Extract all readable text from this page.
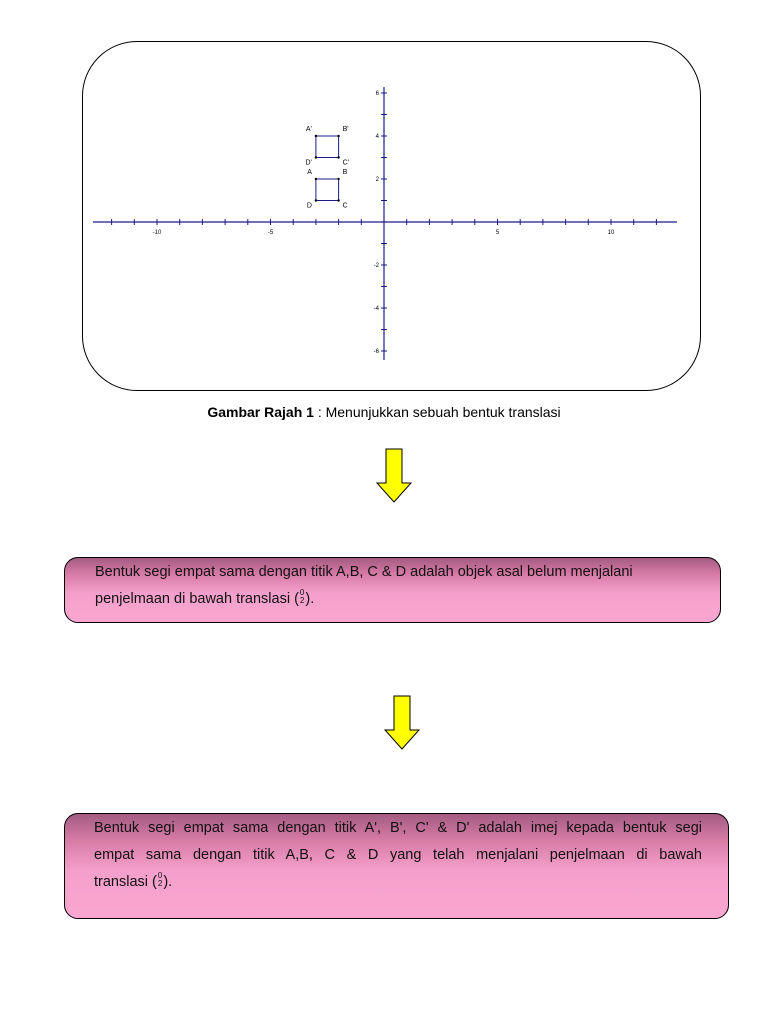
-10	-5	5	10
6
4
2
-2
-4
-6
A	B
C
D
A'	B'
C'
D'
Gambar Rajah 1 : Menunjukkan sebuah bentuk translasi
Bentuk segi empat sama dengan titik A,B, C & D adalah objek asal belum menjalani
penjelmaan di bawah translasi ( 0
2 ).
Bentuk segi empat sama dengan titik A', B', C' & D' adalah imej kepada bentuk segi
empat sama dengan titik A,B, C & D yang telah menjalani penjelmaan di bawah
translasi ( 0
2 ).
